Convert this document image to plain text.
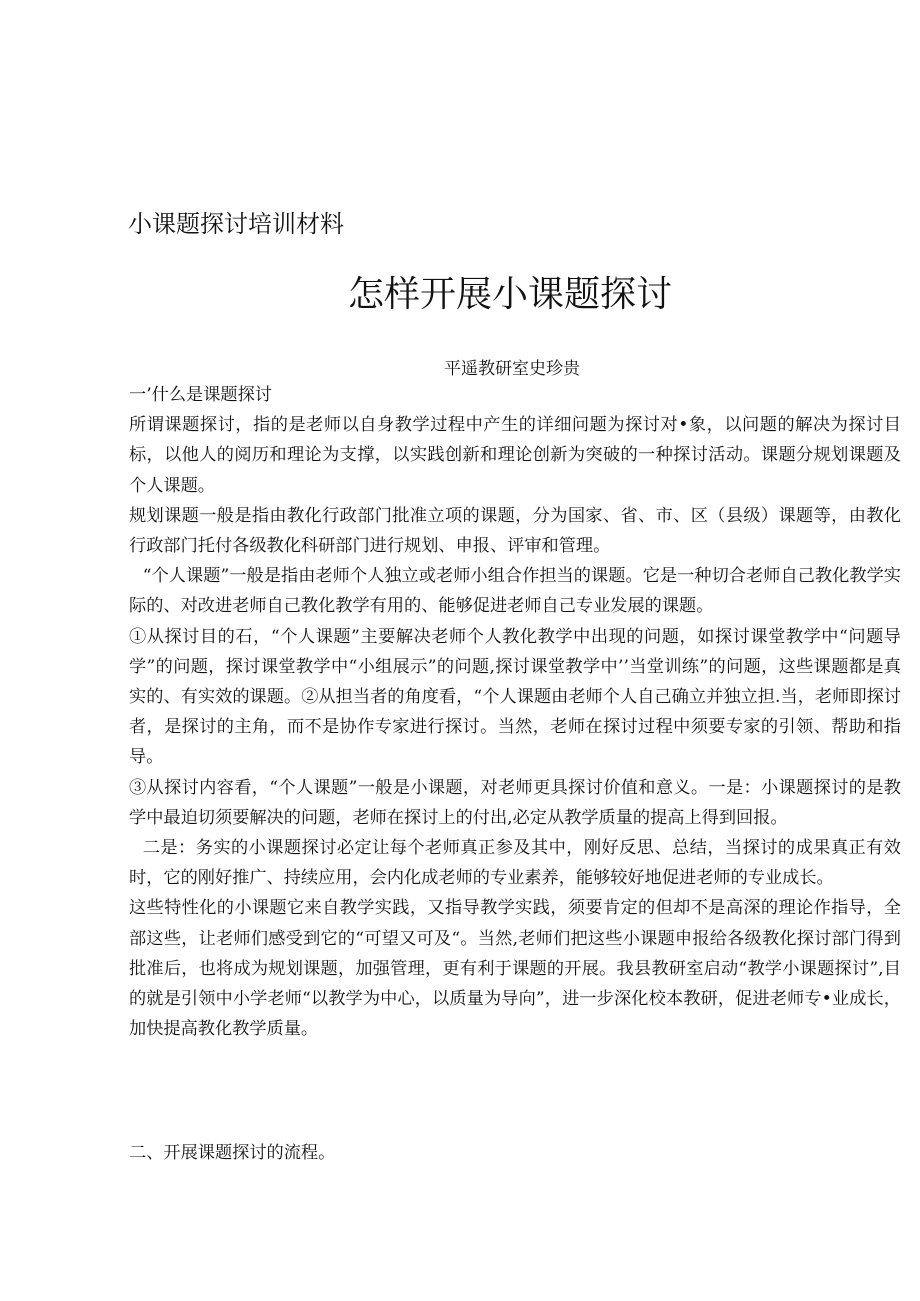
小课题探讨培训材料
怎样开展小课题探讨
平遥教研室史珍贵

一’什么是课题探讨

所谓课题探讨，指的是老师以自身教学过程中产生的详细问题为探讨对•象，以问题的解决为探讨目标，以他人的阅历和理论为支撑，以实践创新和理论创新为突破的一种探讨活动。课题分规划课题及个人课题。

规划课题一般是指由教化行政部门批准立项的课题，分为国家、省、市、区（县级）课题等，由教化行政部门托付各级教化科研部门进行规划、申报、评审和管理。

“个人课题”一般是指由老师个人独立或老师小组合作担当的课题。它是一种切合老师自己教化教学实际的、对改进老师自己教化教学有用的、能够促进老师自己专业发展的课题。

①从探讨目的石，“个人课题”主要解决老师个人教化教学中出现的问题，如探讨课堂教学中“问题导学”的问题，探讨课堂教学中“小组展示”的问题,探讨课堂教学中’’当堂训练”的问题，这些课题都是真实的、有实效的课题。②从担当者的角度看，“个人课题由老师个人自己确立并独立担.当，老师即探讨者，是探讨的主角，而不是协作专家进行探讨。当然，老师在探讨过程中须要专家的引领、帮助和指导。

③从探讨内容看，“个人课题”一般是小课题，对老师更具探讨价值和意义。一是：小课题探讨的是教学中最迫切须要解决的问题，老师在探讨上的付出,必定从教学质量的提高上得到回报。

二是：务实的小课题探讨必定让每个老师真正参及其中，刚好反思、总结，当探讨的成果真正有效时，它的刚好推广、持续应用，会内化成老师的专业素养，能够较好地促进老师的专业成长。

这些特性化的小课题它来自教学实践，又指导教学实践，须要肯定的但却不是高深的理论作指导，全部这些，让老师们感受到它的“可望又可及“。当然,老师们把这些小课题申报给各级教化探讨部门得到批准后，也将成为规划课题，加强管理，更有利于课题的开展。我县教研室启动“教学小课题探讨”,目的就是引领中小学老师“以教学为中心，以质量为导向”，进一步深化校本教研，促进老师专•业成长，加快提高教化教学质量。

二、开展课题探讨的流程。
